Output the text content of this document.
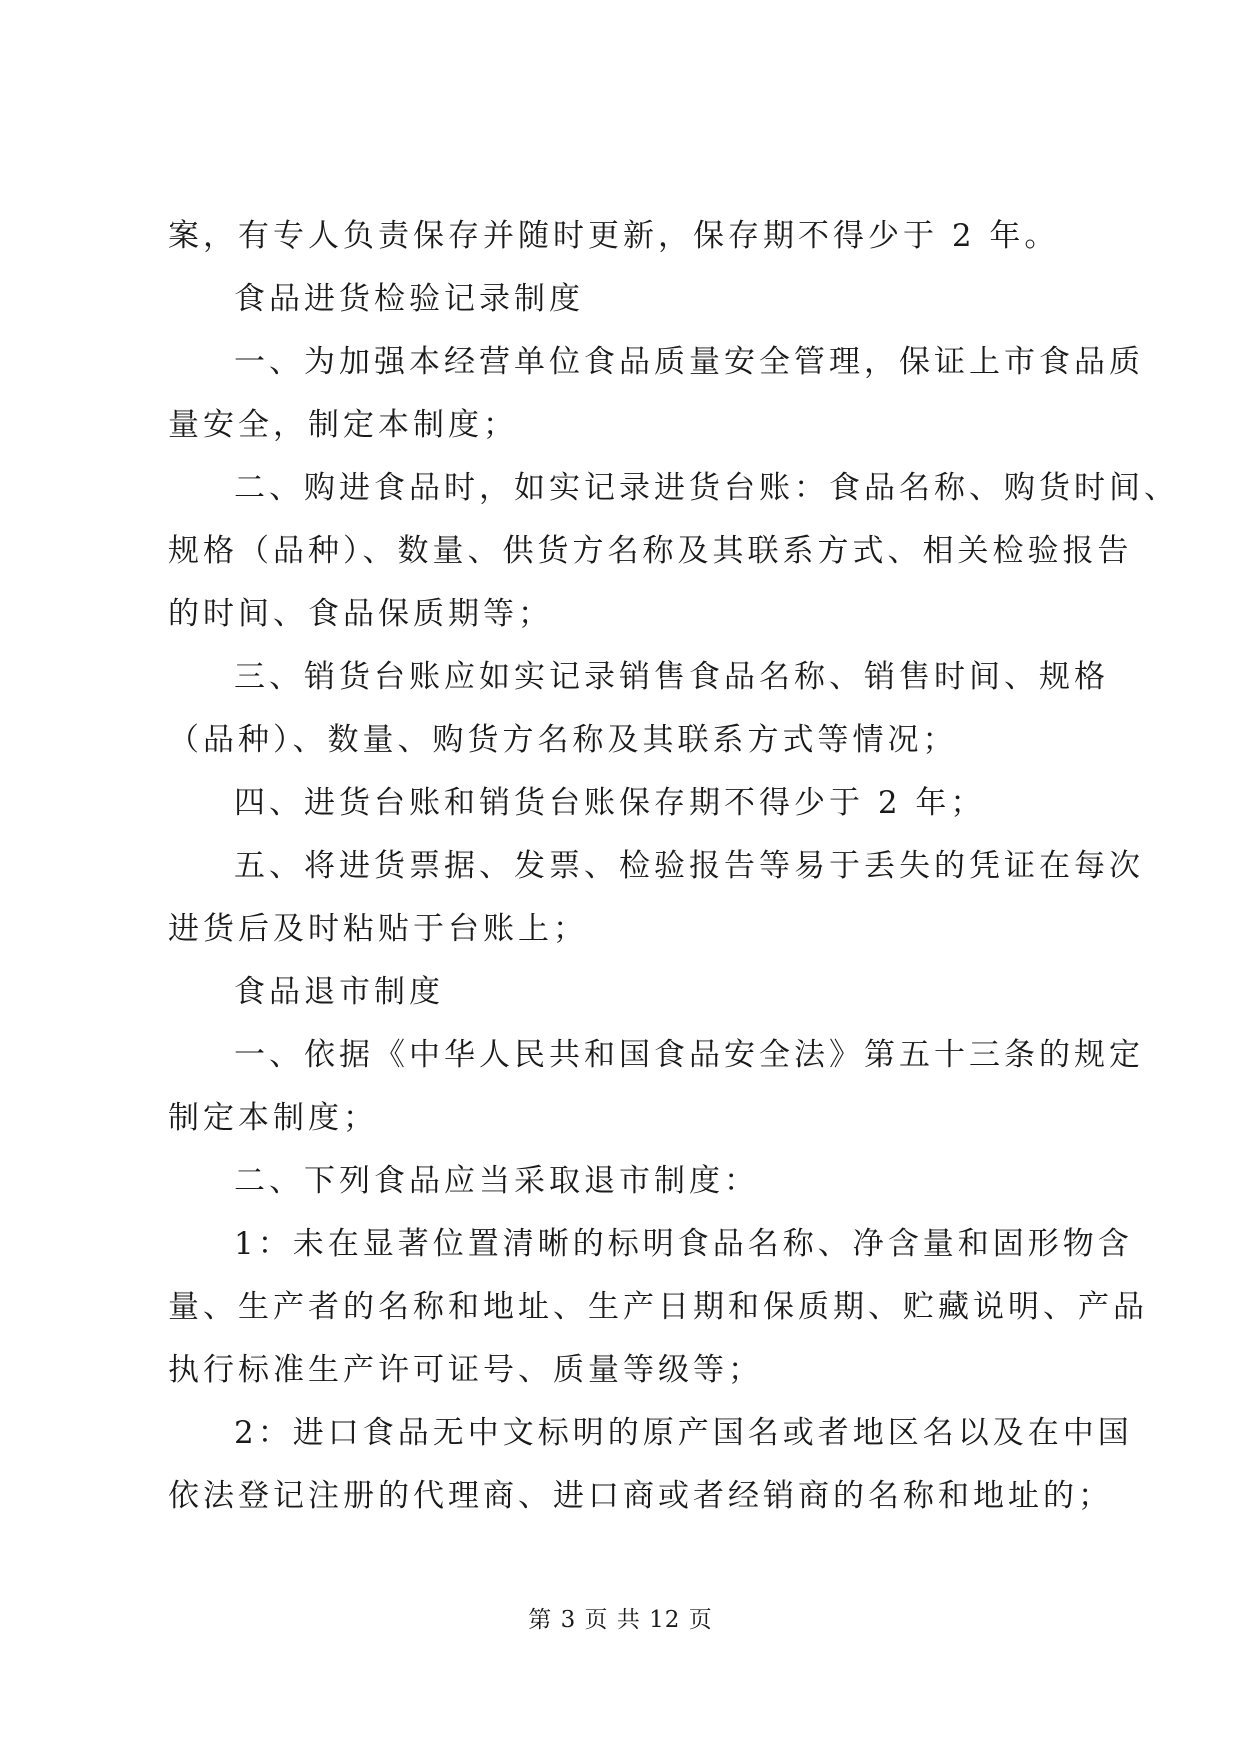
案，有专人负责保存并随时更新，保存期不得少于 2 年。
食品进货检验记录制度
一、为加强本经营单位食品质量安全管理，保证上市食品质
量安全，制定本制度；
二、购进食品时，如实记录进货台账：食品名称、购货时间、
规格（品种）、数量、供货方名称及其联系方式、相关检验报告
的时间、食品保质期等；
三、销货台账应如实记录销售食品名称、销售时间、规格
（品种）、数量、购货方名称及其联系方式等情况；
四、进货台账和销货台账保存期不得少于 2 年；
五、将进货票据、发票、检验报告等易于丢失的凭证在每次
进货后及时粘贴于台账上；
食品退市制度
一、依据《中华人民共和国食品安全法》第五十三条的规定
制定本制度；
二、下列食品应当采取退市制度：
1：未在显著位置清晰的标明食品名称、净含量和固形物含
量、生产者的名称和地址、生产日期和保质期、贮藏说明、产品
执行标准生产许可证号、质量等级等；
2：进口食品无中文标明的原产国名或者地区名以及在中国
依法登记注册的代理商、进口商或者经销商的名称和地址的；
第 3 页 共 12 页
